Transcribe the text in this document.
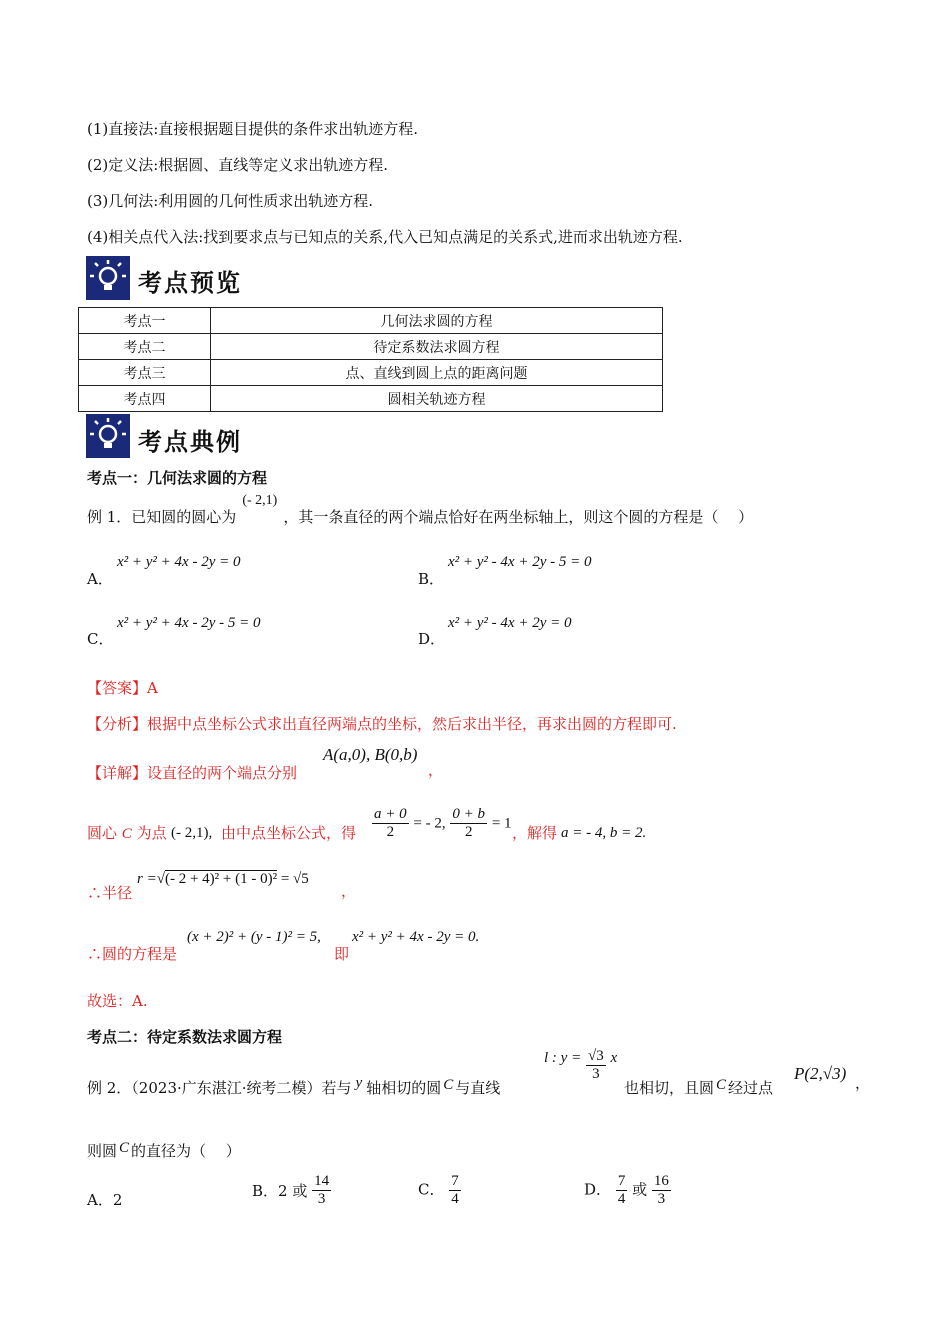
(1)直接法:直接根据题目提供的条件求出轨迹方程.
(2)定义法:根据圆、直线等定义求出轨迹方程.
(3)几何法:利用圆的几何性质求出轨迹方程.
(4)相关点代入法:找到要求点与已知点的关系,代入已知点满足的关系式,进而求出轨迹方程.
考点预览
考点一	几何法求圆的方程
考点二	待定系数法求圆方程
考点三	点、直线到圆上点的距离问题
考点四	圆相关轨迹方程
考点典例
考点一：几何法求圆的方程
例 1．已知圆的圆心为(- 2,1)，其一条直径的两个端点恰好在两坐标轴上，则这个圆的方程是（　 ）
A．
x² + y² + 4x - 2y = 0
B．
x² + y² - 4x + 2y - 5 = 0
C．
x² + y² + 4x - 2y - 5 = 0
D．
x² + y² - 4x + 2y = 0
【答案】A
【分析】根据中点坐标公式求出直径两端点的坐标，然后求出半径，再求出圆的方程即可.
【详解】设直径的两个端点分别
A(a,0), B(0,b)
，
圆心 C 为点 (- 2,1), 由中点坐标公式，得 $\frac{a + 0}{2}$ = - 2, $\frac{0 + b}{2} = 1$
，解得 a = - 4, b = 2.
∴半径
r =√(- 2 + 4)² + (1 - 0)² = √5
，
∴圆的方程是
(x + 2)² + (y - 1)² = 5,
即
x² + y² + 4x - 2y = 0.
故选：A.
考点二：待定系数法求圆方程
例 2．（2023·广东湛江·统考二模）若与 y 轴相切的圆 C 与直线
l : $y = \frac{√3}{3}$ x
也相切，且圆 C 经过点
P(2,√3) ，
则圆 C 的直径为（　 ）
A．2
B．2 或 $\frac{14}{3}$	C． $\frac{7}{4}$	D． $\frac{7}{4}$ 或 $\frac{16}{3}$
